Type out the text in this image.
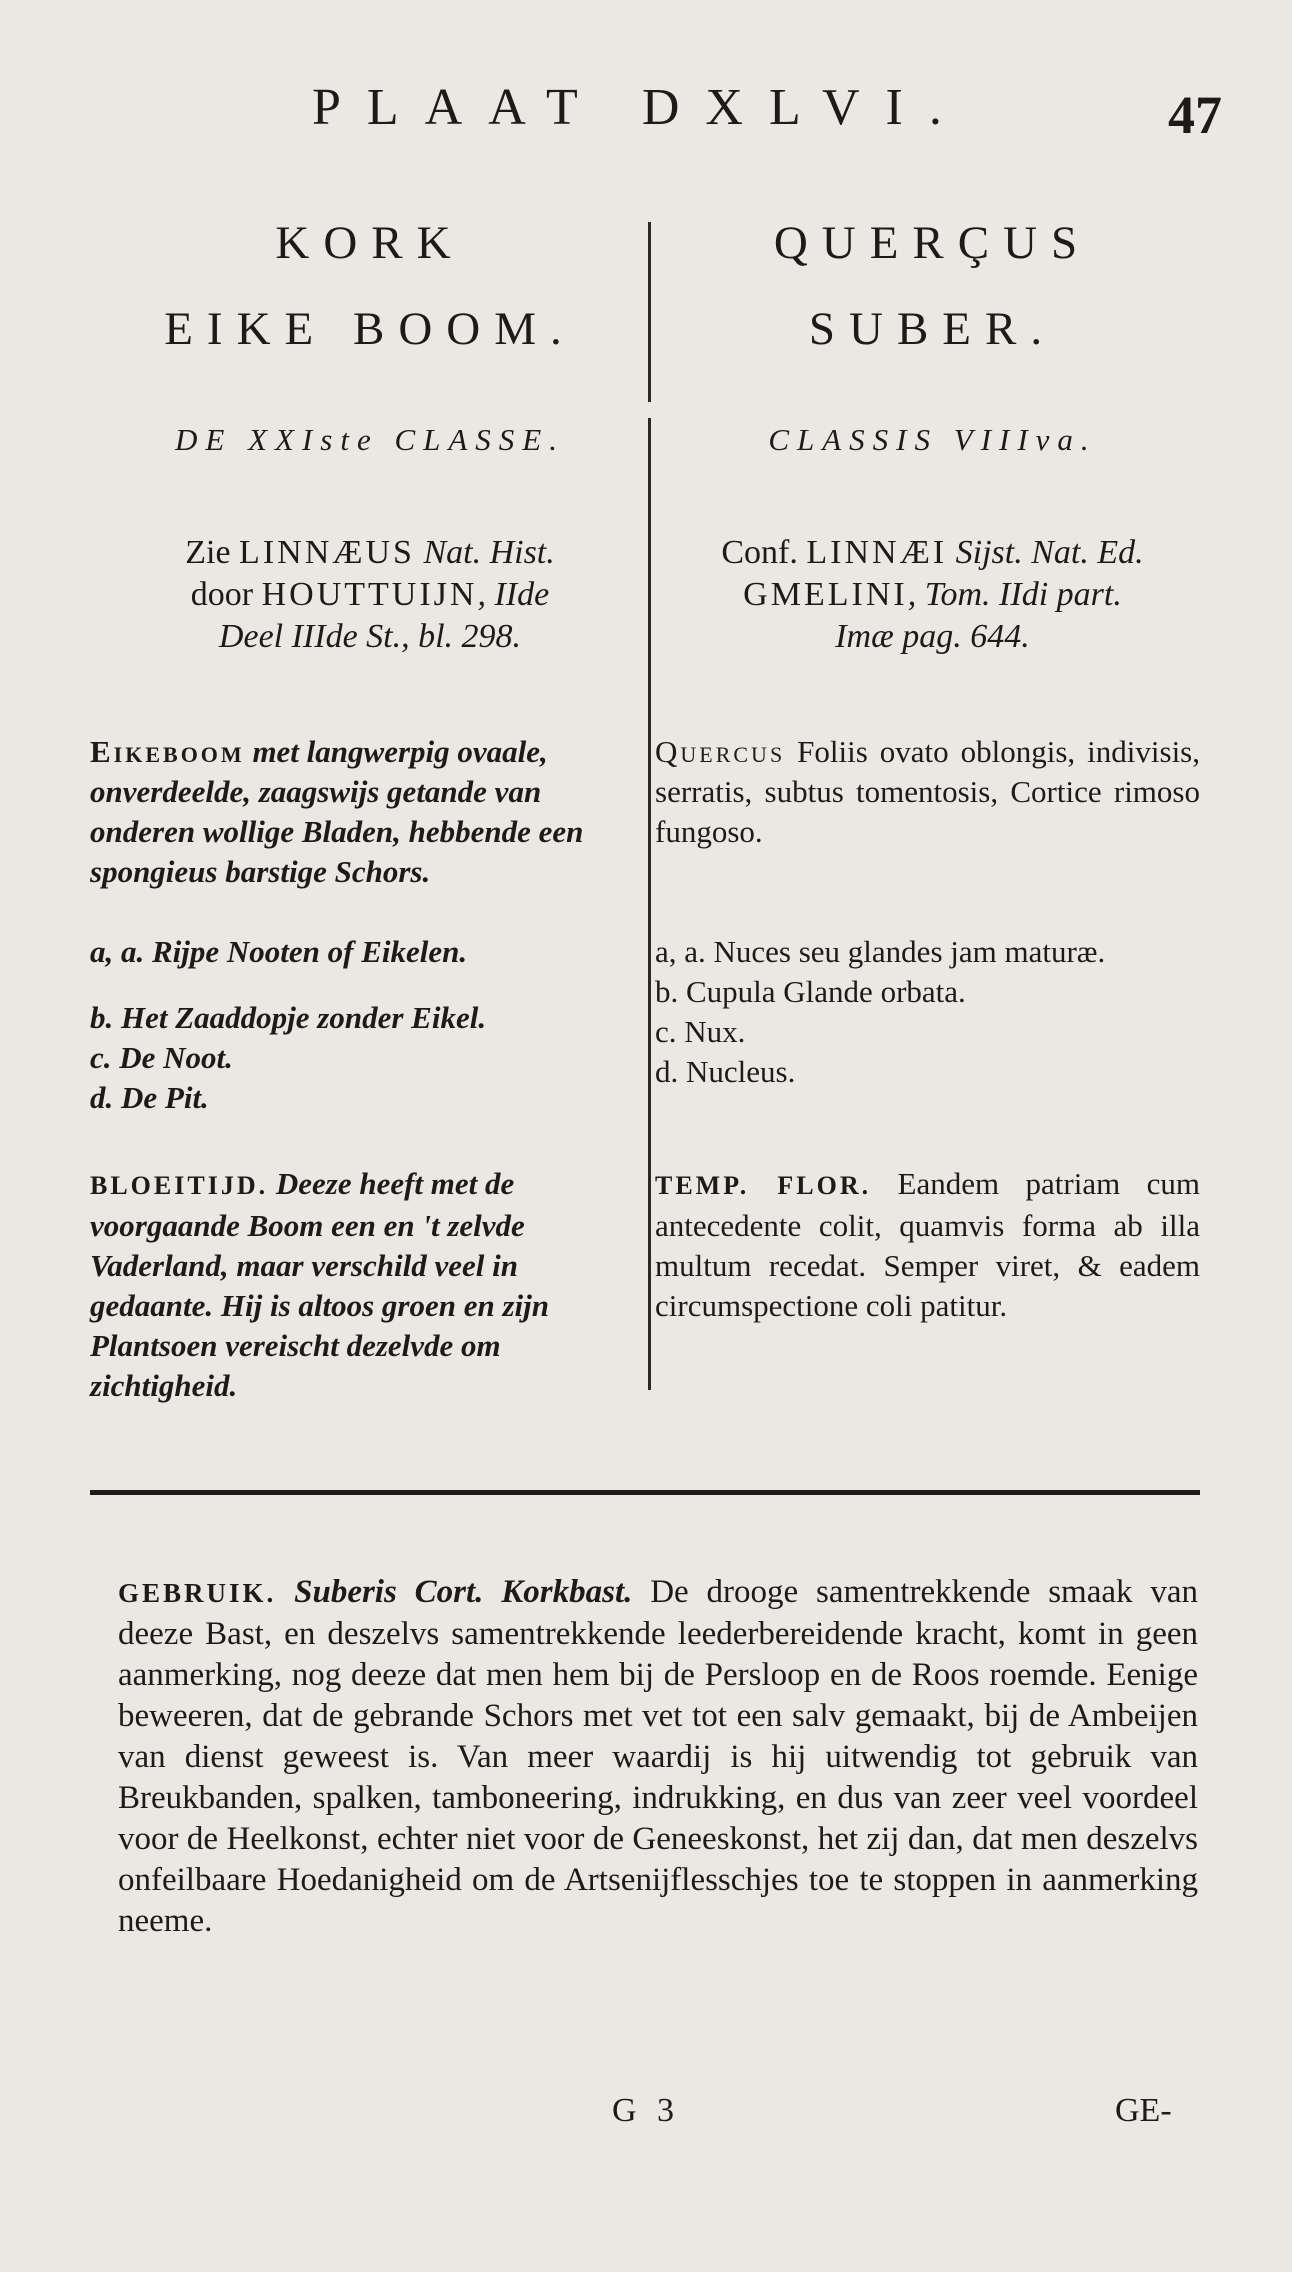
PLAAT DXLVI.	47
KORK
EIKE BOOM.
DE XXIste CLASSE.
Zie LINNÆUS Nat. Hist.
door HOUTTUIJN, IIde
Deel IIIde St., bl. 298.
Eikeboom met langwerpig ovaale, onverdeelde, zaagswijs getande van onderen wollige Bladen, hebbende een spongieus barstige Schors.
a, a. Rijpe Nooten of Eikelen.
b. Het Zaaddopje zonder Eikel.
c. De Noot.
d. De Pit.
BLOEITIJD. Deeze heeft met de voorgaande Boom een en 't zelvde Vaderland, maar verschild veel in gedaante. Hij is altoos groen en zijn Plantsoen vereischt dezelvde om zichtigheid.
QUERÇUS
SUBER.
CLASSIS VIIIva.
Conf. LINNÆI Sijst. Nat. Ed.
GMELINI, Tom. IIdi part.
Imæ pag. 644.
Quercus Foliis ovato oblongis, indivisis, serratis, subtus tomentosis, Cortice rimoso fungoso.
a, a. Nuces seu glandes jam maturæ.
b. Cupula Glande orbata.
c. Nux.
d. Nucleus.
TEMP. FLOR. Eandem patriam cum antecedente colit, quamvis forma ab illa multum recedat. Semper viret, & eadem circumspectione coli patitur.
GEBRUIK. Suberis Cort. Korkbast. De drooge samentrekkende smaak van deeze Bast, en deszelvs samentrekkende leederbereidende kracht, komt in geen aanmerking, nog deeze dat men hem bij de Persloop en de Roos roemde. Eenige beweeren, dat de gebrande Schors met vet tot een salv gemaakt, bij de Ambeijen van dienst geweest is. Van meer waardij is hij uitwendig tot gebruik van Breukbanden, spalken, tamboneering, indrukking, en dus van zeer veel voordeel voor de Heelkonst, echter niet voor de Geneeskonst, het zij dan, dat men deszelvs onfeilbaare Hoedanigheid om de Artsenijflesschjes toe te stoppen in aanmerking neeme.
G 3	GE-
